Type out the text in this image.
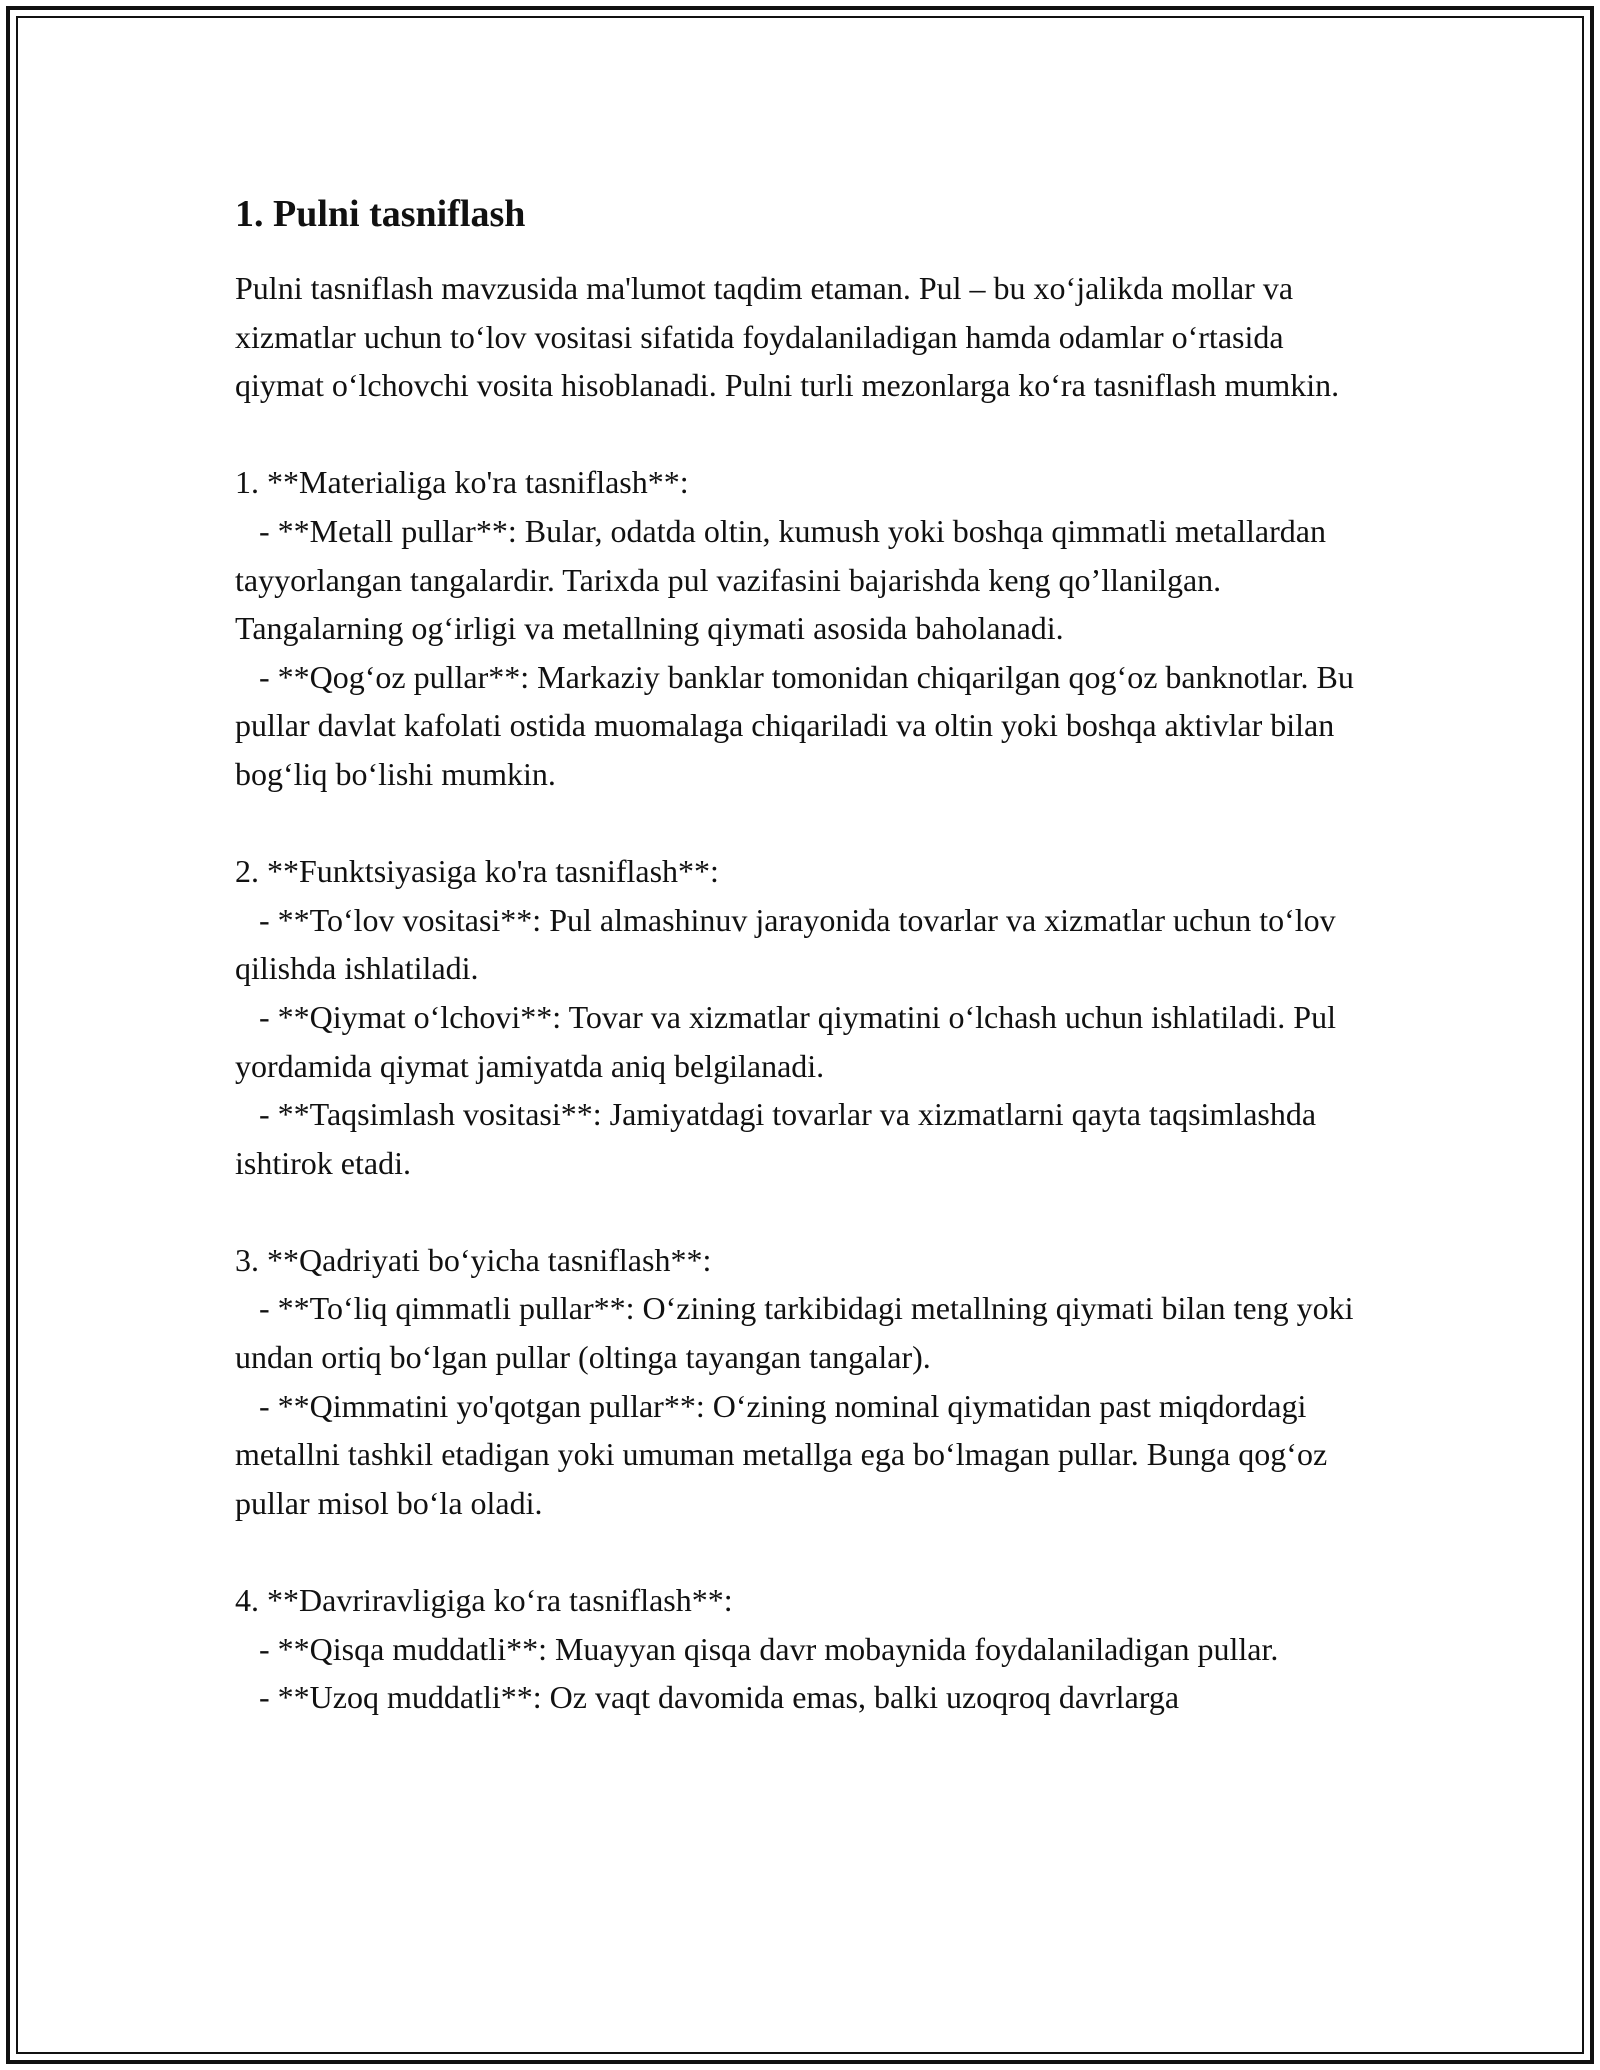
1. Pulni tasniflash

Pulni tasniflash mavzusida ma'lumot taqdim etaman. Pul – bu xo‘jalikda mollar va xizmatlar uchun to‘lov vositasi sifatida foydalaniladigan hamda odamlar o‘rtasida qiymat o‘lchovchi vosita hisoblanadi. Pulni turli mezonlarga ko‘ra tasniflash mumkin.

1. **Materialiga ko'ra tasniflash**:

- **Metall pullar**: Bular, odatda oltin, kumush yoki boshqa qimmatli metallardan tayyorlangan tangalardir. Tarixda pul vazifasini bajarishda keng qo’llanilgan. Tangalarning og‘irligi va metallning qiymati asosida baholanadi.

- **Qog‘oz pullar**: Markaziy banklar tomonidan chiqarilgan qog‘oz banknotlar. Bu pullar davlat kafolati ostida muomalaga chiqariladi va oltin yoki boshqa aktivlar bilan bog‘liq bo‘lishi mumkin.

2. **Funktsiyasiga ko'ra tasniflash**:

- **To‘lov vositasi**: Pul almashinuv jarayonida tovarlar va xizmatlar uchun to‘lov qilishda ishlatiladi.

- **Qiymat o‘lchovi**: Tovar va xizmatlar qiymatini o‘lchash uchun ishlatiladi. Pul yordamida qiymat jamiyatda aniq belgilanadi.

- **Taqsimlash vositasi**: Jamiyatdagi tovarlar va xizmatlarni qayta taqsimlashda ishtirok etadi.

3. **Qadriyati bo‘yicha tasniflash**:

- **To‘liq qimmatli pullar**: O‘zining tarkibidagi metallning qiymati bilan teng yoki undan ortiq bo‘lgan pullar (oltinga tayangan tangalar).

- **Qimmatini yo'qotgan pullar**: O‘zining nominal qiymatidan past miqdordagi metallni tashkil etadigan yoki umuman metallga ega bo‘lmagan pullar. Bunga qog‘oz pullar misol bo‘la oladi.

4. **Davriravligiga ko‘ra tasniflash**:

- **Qisqa muddatli**: Muayyan qisqa davr mobaynida foydalaniladigan pullar.

- **Uzoq muddatli**: Oz vaqt davomida emas, balki uzoqroq davrlarga
